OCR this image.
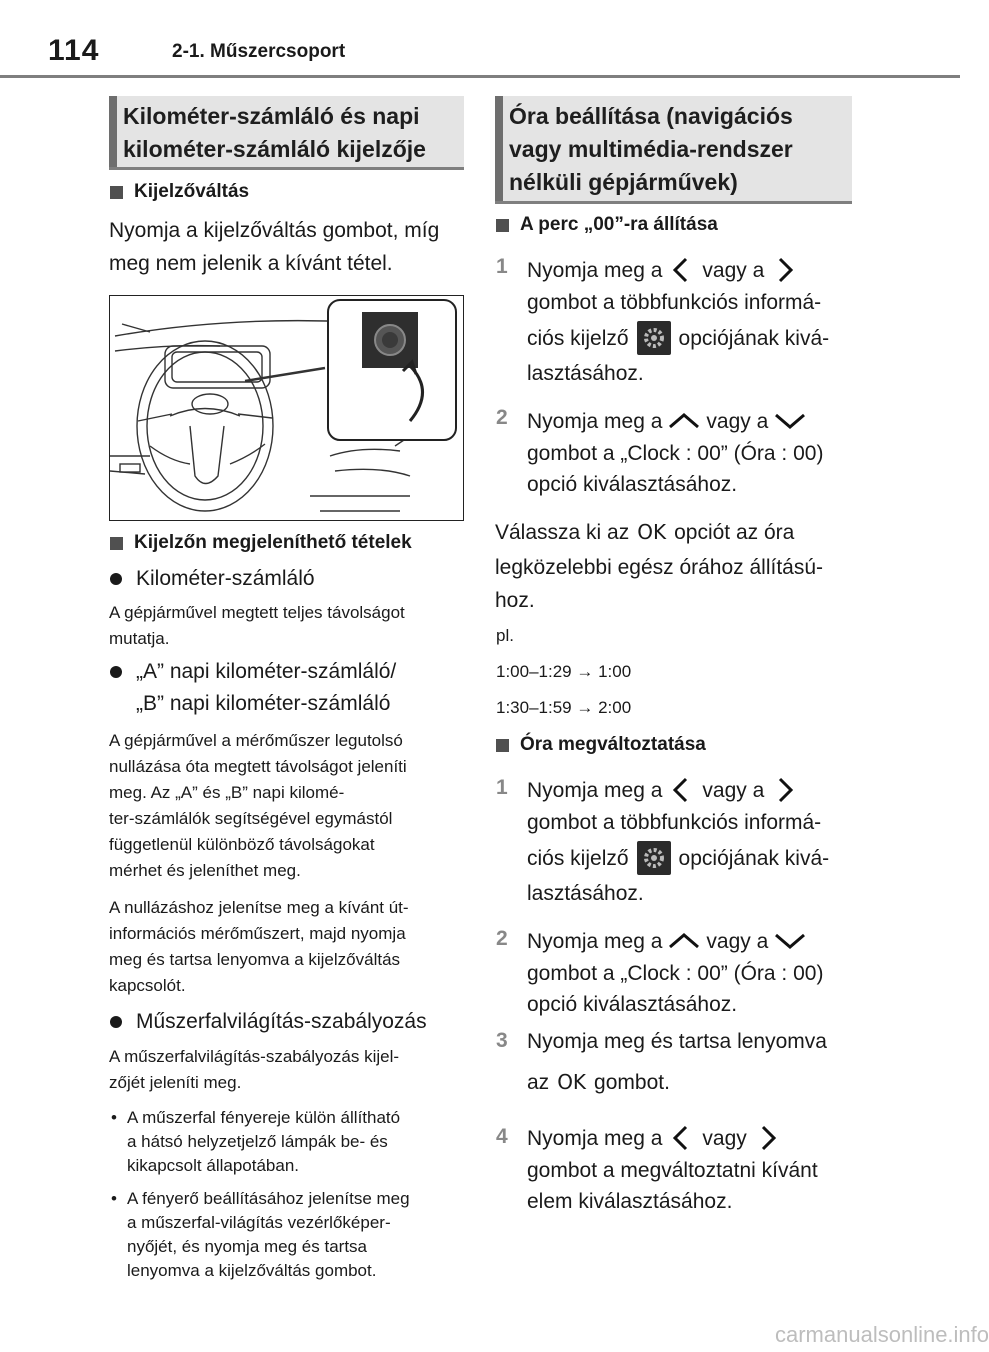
114	2-1. Műszercsoport
Kilométer-számláló és napi
kilométer-számláló kijelzője
Kijelzőváltás
Nyomja a kijelzőváltás gombot, míg
meg nem jelenik a kívánt tétel.
Kijelzőn megjeleníthető tételek
Kilométer-számláló
A gépjárművel megtett teljes távolságot
mutatja.
„A” napi kilométer-számláló/
„B” napi kilométer-számláló
A gépjárművel a mérőműszer legutolsó
nullázása óta megtett távolságot jeleníti
meg. Az „A” és „B” napi kilomé-
ter-számlálók segítségével egymástól
függetlenül különböző távolságokat
mérhet és jeleníthet meg.
A nullázáshoz jelenítse meg a kívánt út-
információs mérőműszert, majd nyomja
meg és tartsa lenyomva a kijelzőváltás
kapcsolót.
Műszerfalvilágítás-szabályozás
A műszerfalvilágítás-szabályozás kijel-
zőjét jeleníti meg.
• A műszerfal fényereje külön állítható
a hátsó helyzetjelző lámpák be- és
kikapcsolt állapotában.
• A fényerő beállításához jelenítse meg
a műszerfal-világítás vezérlőképer-
nyőjét, és nyomja meg és tartsa
lenyomva a kijelzőváltás gombot.
Óra beállítása (navigációs
vagy multimédia-rendszer
nélküli gépjárművek)
A perc „00”-ra állítása
1 Nyomja meg a vagy a
gombot a többfunkciós informá-
ciós kijelző opciójának kivá-
lasztásához.
2 Nyomja meg a vagy a
gombot a „Clock : 00” (Óra : 00)
opció kiválasztásához.
Válassza ki az OK opciót az óra
legközelebbi egész órához állítású-
hoz.
pl.
1:00–1:29 → 1:00
1:30–1:59 → 2:00
Óra megváltoztatása
1 Nyomja meg a vagy a
gombot a többfunkciós informá-
ciós kijelző opciójának kivá-
lasztásához.
2 Nyomja meg a vagy a
gombot a „Clock : 00” (Óra : 00)
opció kiválasztásához.
3 Nyomja meg és tartsa lenyomva
az OK gombot.
4 Nyomja meg a vagy
gombot a megváltoztatni kívánt
elem kiválasztásához.
carmanualsonline.info
